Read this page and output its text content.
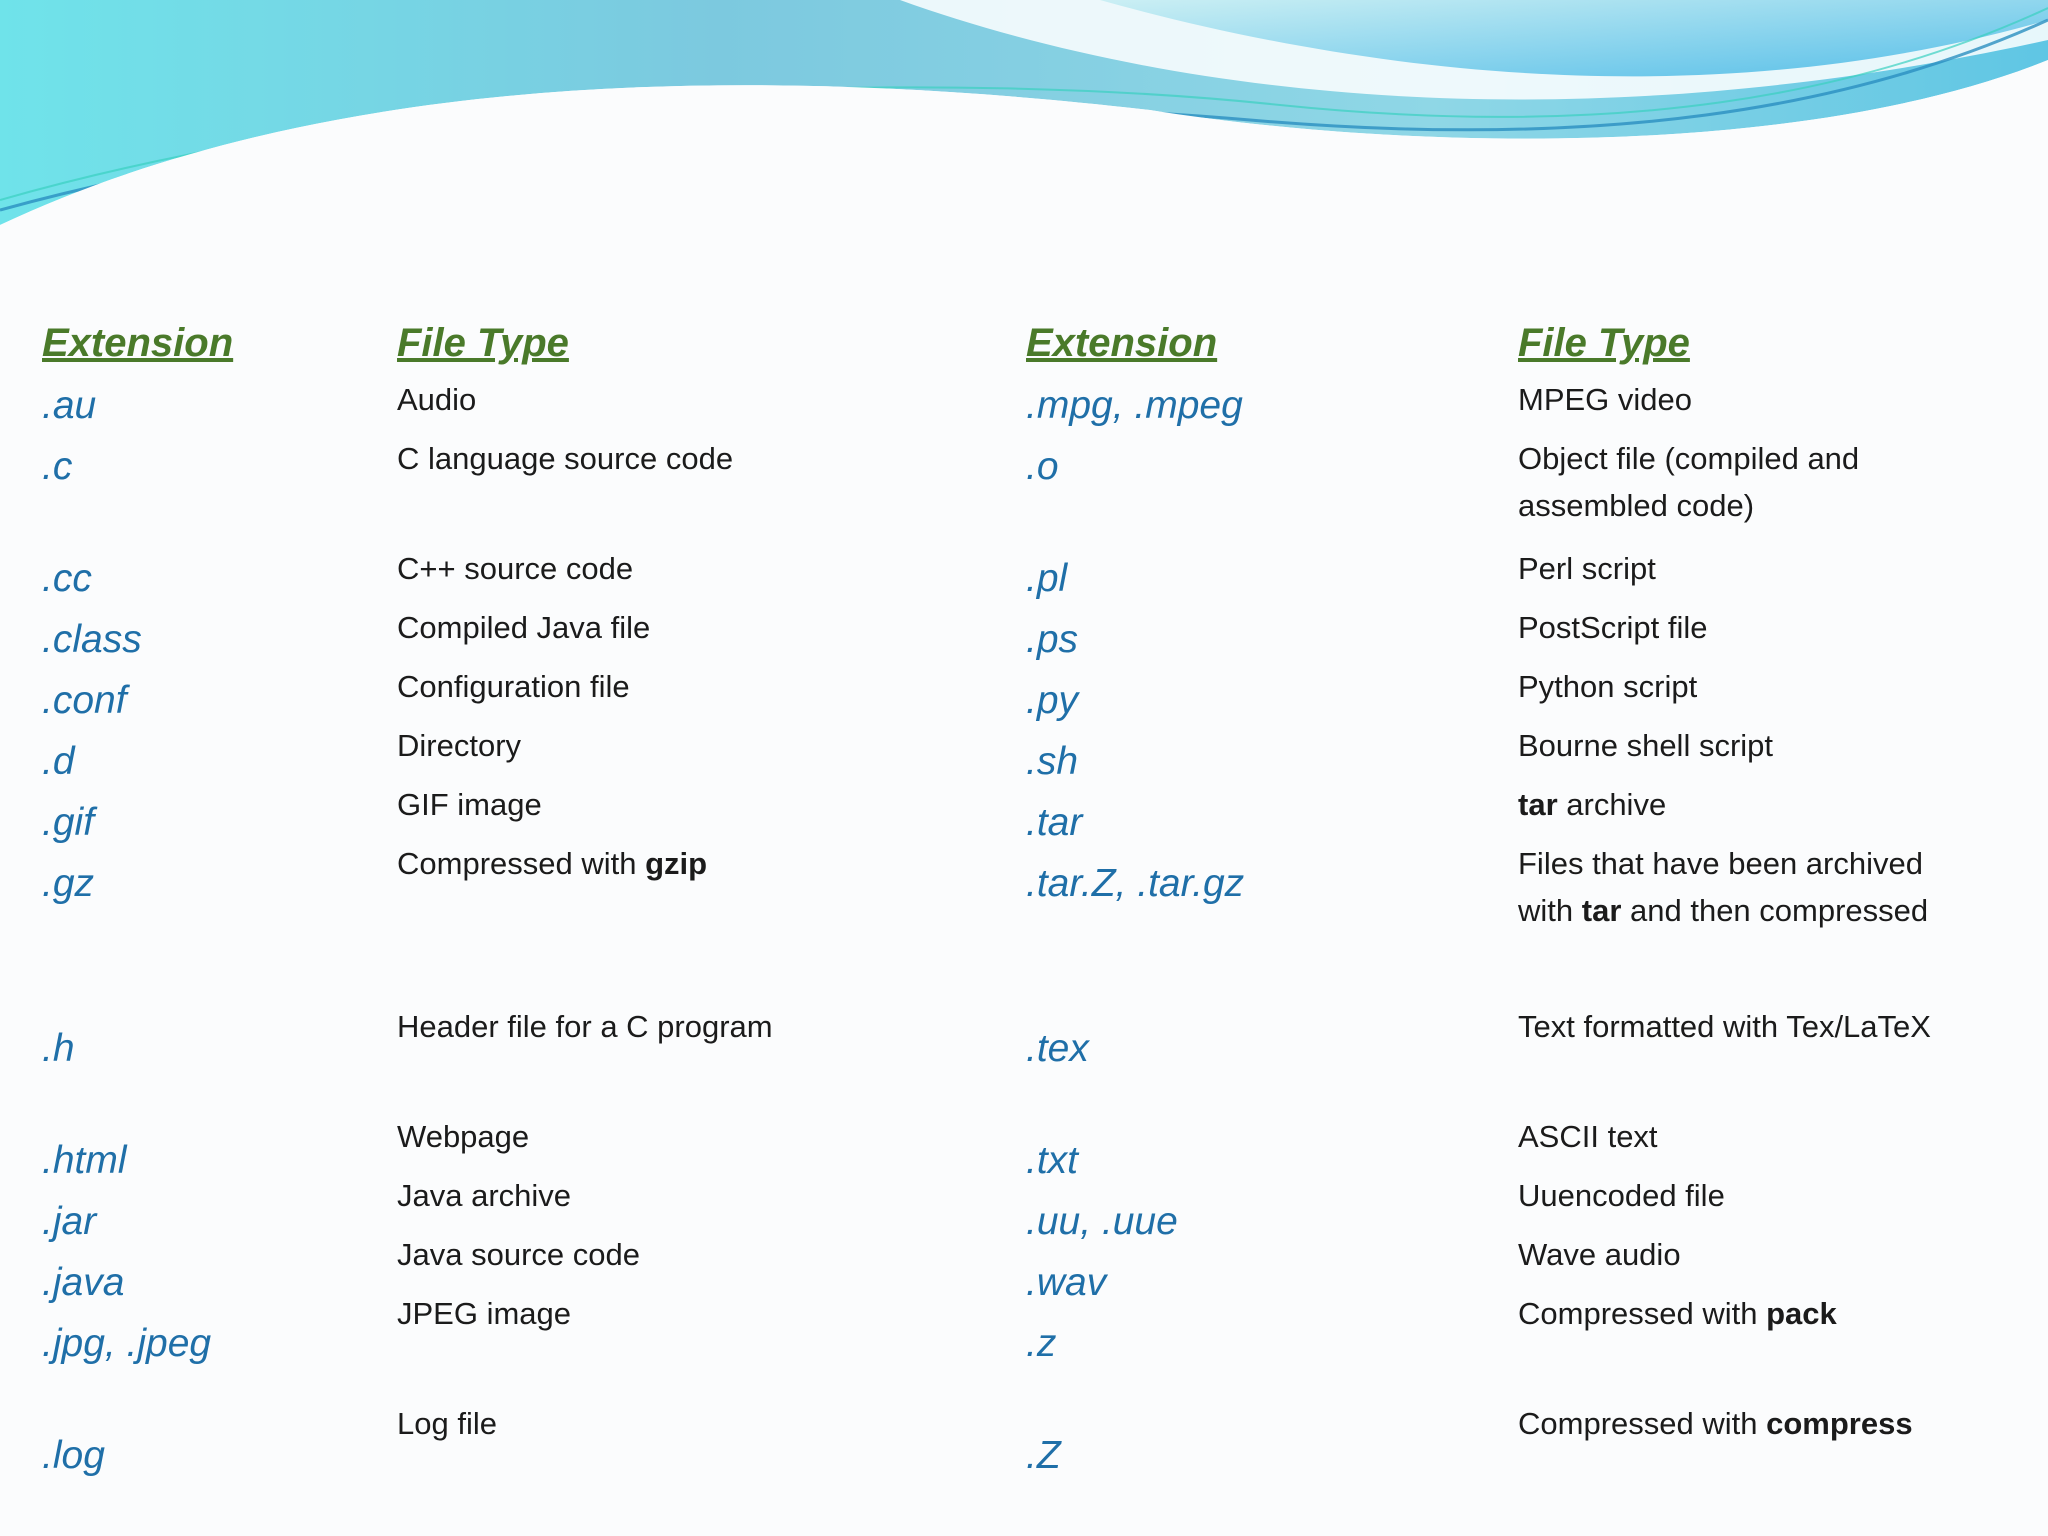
Extension
.au
.c
.cc
.class
.conf
.d
.gif
.gz
.h
.html
.jar
.java
.jpg, .jpeg
.log
File Type
Audio
C language source code
C++ source code
Compiled Java file
Configuration file
Directory
GIF image
Compressed with gzip
Header file for a C program
Webpage
Java archive
Java source code
JPEG image
Log file
Extension
.mpg, .mpeg
.o
.pl
.ps
.py
.sh
.tar
.tar.Z, .tar.gz
.tex
.txt
.uu, .uue
.wav
.z
.Z
File Type
MPEG video
Object file (compiled and
assembled code)
Perl script
PostScript file
Python script
Bourne shell script
tar archive
Files that have been archived
with tar and then compressed
Text formatted with Tex/LaTeX
ASCII text
Uuencoded file
Wave audio
Compressed with pack
Compressed with compress
